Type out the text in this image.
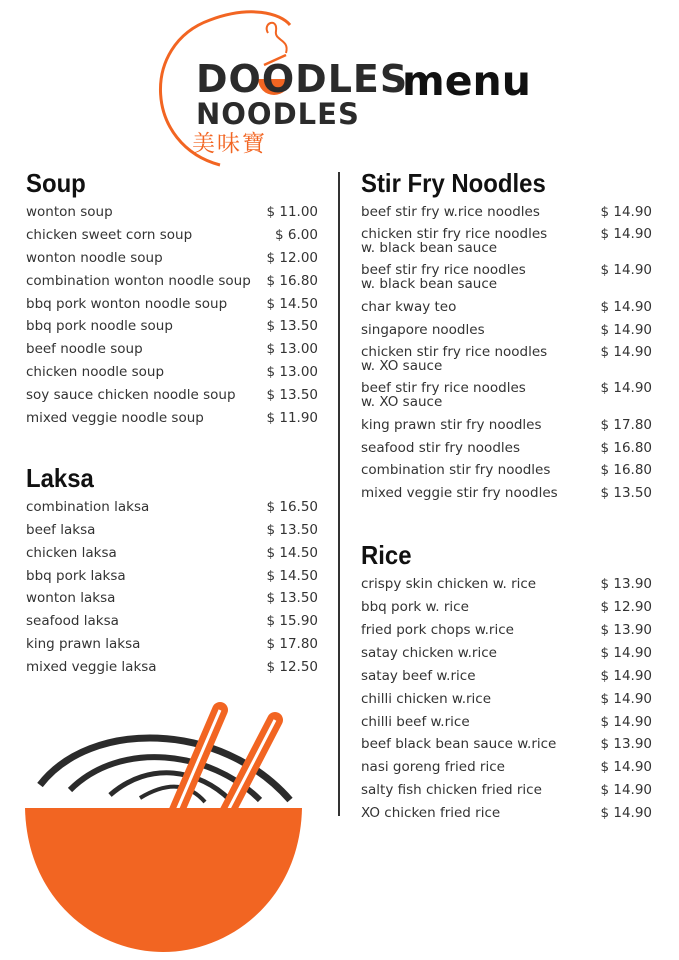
DOODLES
NOODLES
美味寶
menu
Soup
wonton soup	$ 11.00
chicken sweet corn soup	$ 6.00
wonton noodle soup	$ 12.00
combination wonton noodle soup $ 16.80
bbq pork wonton noodle soup	$ 14.50
bbq pork noodle soup	$ 13.50
beef noodle soup	$ 13.00
chicken noodle soup	$ 13.00
soy sauce chicken noodle soup $ 13.50
mixed veggie noodle soup	$ 11.90
Laksa
combination laksa	$ 16.50
beef laksa	$ 13.50
chicken laksa	$ 14.50
bbq pork laksa	$ 14.50
wonton laksa	$ 13.50
seafood laksa	$ 15.90
king prawn laksa	$ 17.80
mixed veggie laksa	$ 12.50
Stir Fry Noodles
beef stir fry w.rice noodles	$ 14.90
chicken stir fry rice noodles
w. black bean sauce
$ 14.90
beef stir fry rice noodles
w. black bean sauce
$ 14.90
char kway teo	$ 14.90
singapore noodles	$ 14.90
chicken stir fry rice noodles
w. XO sauce
$ 14.90
beef stir fry rice noodles
w. XO sauce
$ 14.90
king prawn stir fry noodles	$ 17.80
seafood stir fry noodles	$ 16.80
combination stir fry noodles	$ 16.80
mixed veggie stir fry noodles	$ 13.50
Rice
crispy skin chicken w. rice	$ 13.90
bbq pork w. rice	$ 12.90
fried pork chops w.rice	$ 13.90
satay chicken w.rice	$ 14.90
satay beef w.rice	$ 14.90
chilli chicken w.rice	$ 14.90
chilli beef w.rice	$ 14.90
beef black bean sauce w.rice	$ 13.90
nasi goreng fried rice	$ 14.90
salty fish chicken fried rice	$ 14.90
XO chicken fried rice	$ 14.90
